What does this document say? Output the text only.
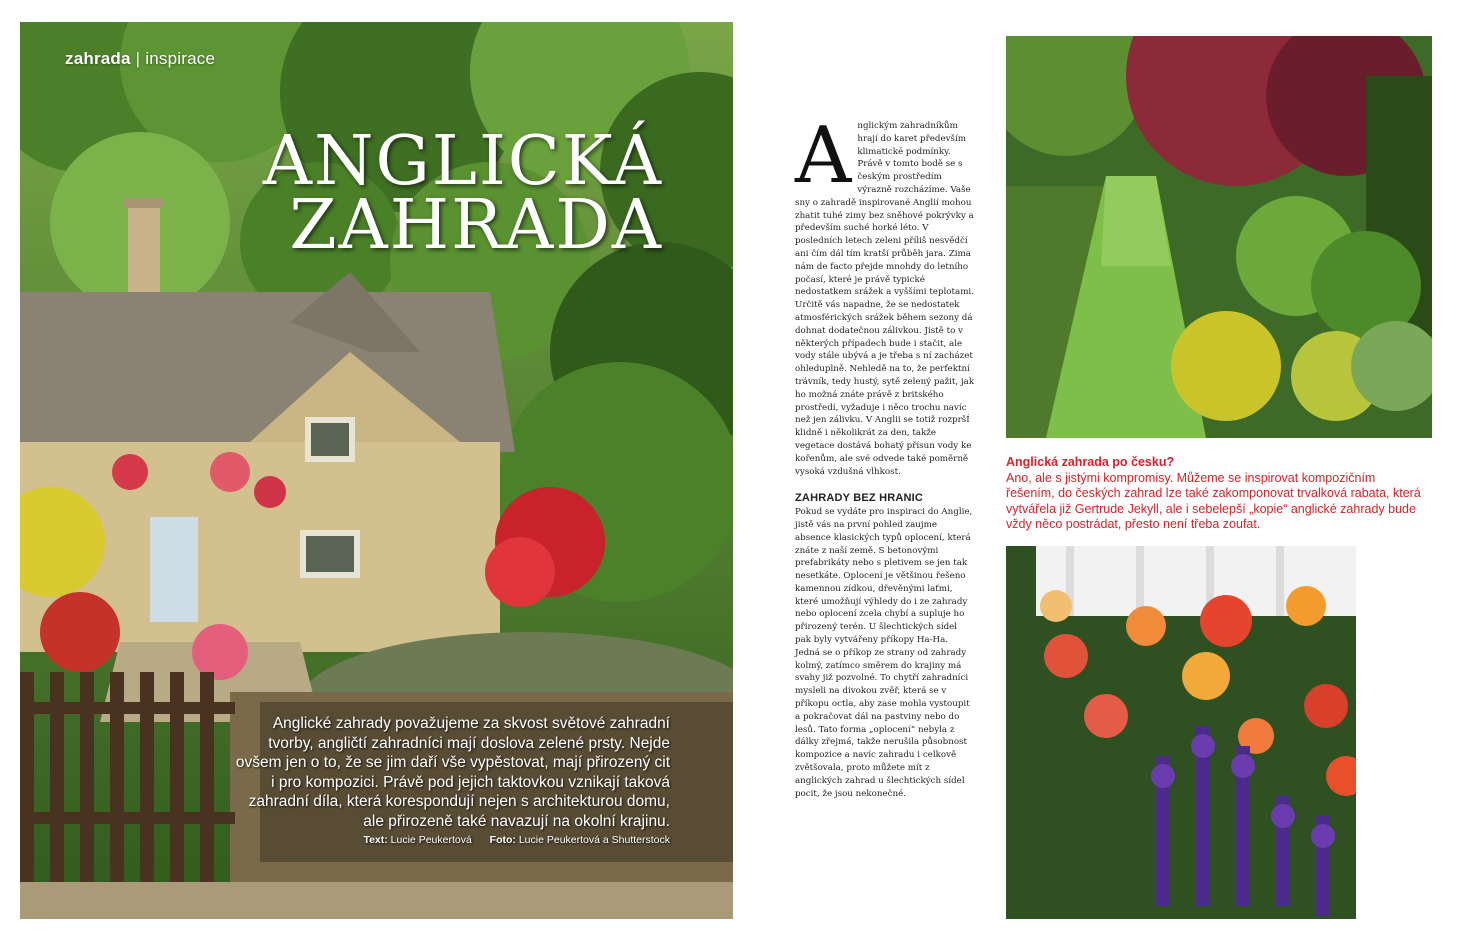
zahrada | inspirace
ANGLICKÁ
ZAHRADA
Anglické zahrady považujeme za skvost světové zahradní tvorby, angličtí zahradníci mají doslova zelené prsty. Nejde ovšem jen o to, že se jim daří vše vypěstovat, mají přirozený cit i pro kompozici. Právě pod jejich taktovkou vznikají taková zahradní díla, která korespondují nejen s architekturou domu, ale přirozeně také navazují na okolní krajinu.
Text: Lucie Peukertová Foto: Lucie Peukertová a Shutterstock
A nglickým zahradníkům hrají do karet především klimatické podmínky. Právě v tomto bodě se s českým prostředím výrazně rozcházíme. Vaše sny o zahradě inspirované Anglií mohou zhatit tuhé zimy bez sněhové pokrývky a především suché horké léto. V posledních letech zeleni příliš nesvědčí ani čím dál tím kratší průběh jara. Zima nám de facto přejde mnohdy do letního počasí, které je právě typické nedostatkem srážek a vyššími teplotami. Určitě vás napadne, že se nedostatek atmosférických srážek během sezony dá dohnat dodatečnou zálivkou. Jistě to v některých případech bude i stačit, ale vody stále ubývá a je třeba s ní zacházet ohleduplně. Nehledě na to, že perfektní trávník, tedy hustý, sytě zelený pažit, jak ho možná znáte právě z britského prostředí, vyžaduje i něco trochu navíc než jen zálivku. V Anglii se totiž rozpršÍ klidně i několikrát za den, takže vegetace dostává bohatý přísun vody ke kořenům, ale své odvede také poměrně vysoká vzdušná vlhkost.

ZAHRADY BEZ HRANIC

Pokud se vydáte pro inspiraci do Anglie, jistě vás na první pohled zaujme absence klasických typů oplocení, která znáte z naší země. S betonovými prefabrikáty nebo s pletivem se jen tak nesetkáte. Oplocení je většinou řešeno kamennou zídkou, dřevěnými laťmi, které umožňují výhledy do i ze zahrady nebo oplocení zcela chybí a supluje ho přirozený terén. U šlechtických sídel pak byly vytvářeny příkopy Ha-Ha. Jedná se o příkop ze strany od zahrady kolmý, zatímco směrem do krajiny má svahy již pozvolné. To chytří zahradníci mysleli na divokou zvěř, která se v příkopu octla, aby zase mohla vystoupit a pokračovat dál na pastviny nebo do lesů. Tato forma „oplocení“ nebyla z dálky zřejmá, takže nerušila působnost kompozice a navíc zahradu i celkově zvětšovala, proto můžete mít z anglických zahrad u šlechtických sídel pocit, že jsou nekonečné.

Anglická zahrada po česku?
Ano, ale s jistými kompromisy. Můžeme se inspirovat kompozičním řešením, do českých zahrad lze také zakomponovat trvalková rabata, která vytvářela již Gertrude Jekyll, ale i sebelepší „kopie“ anglické zahrady bude vždy něco postrádat, přesto není třeba zoufat.
